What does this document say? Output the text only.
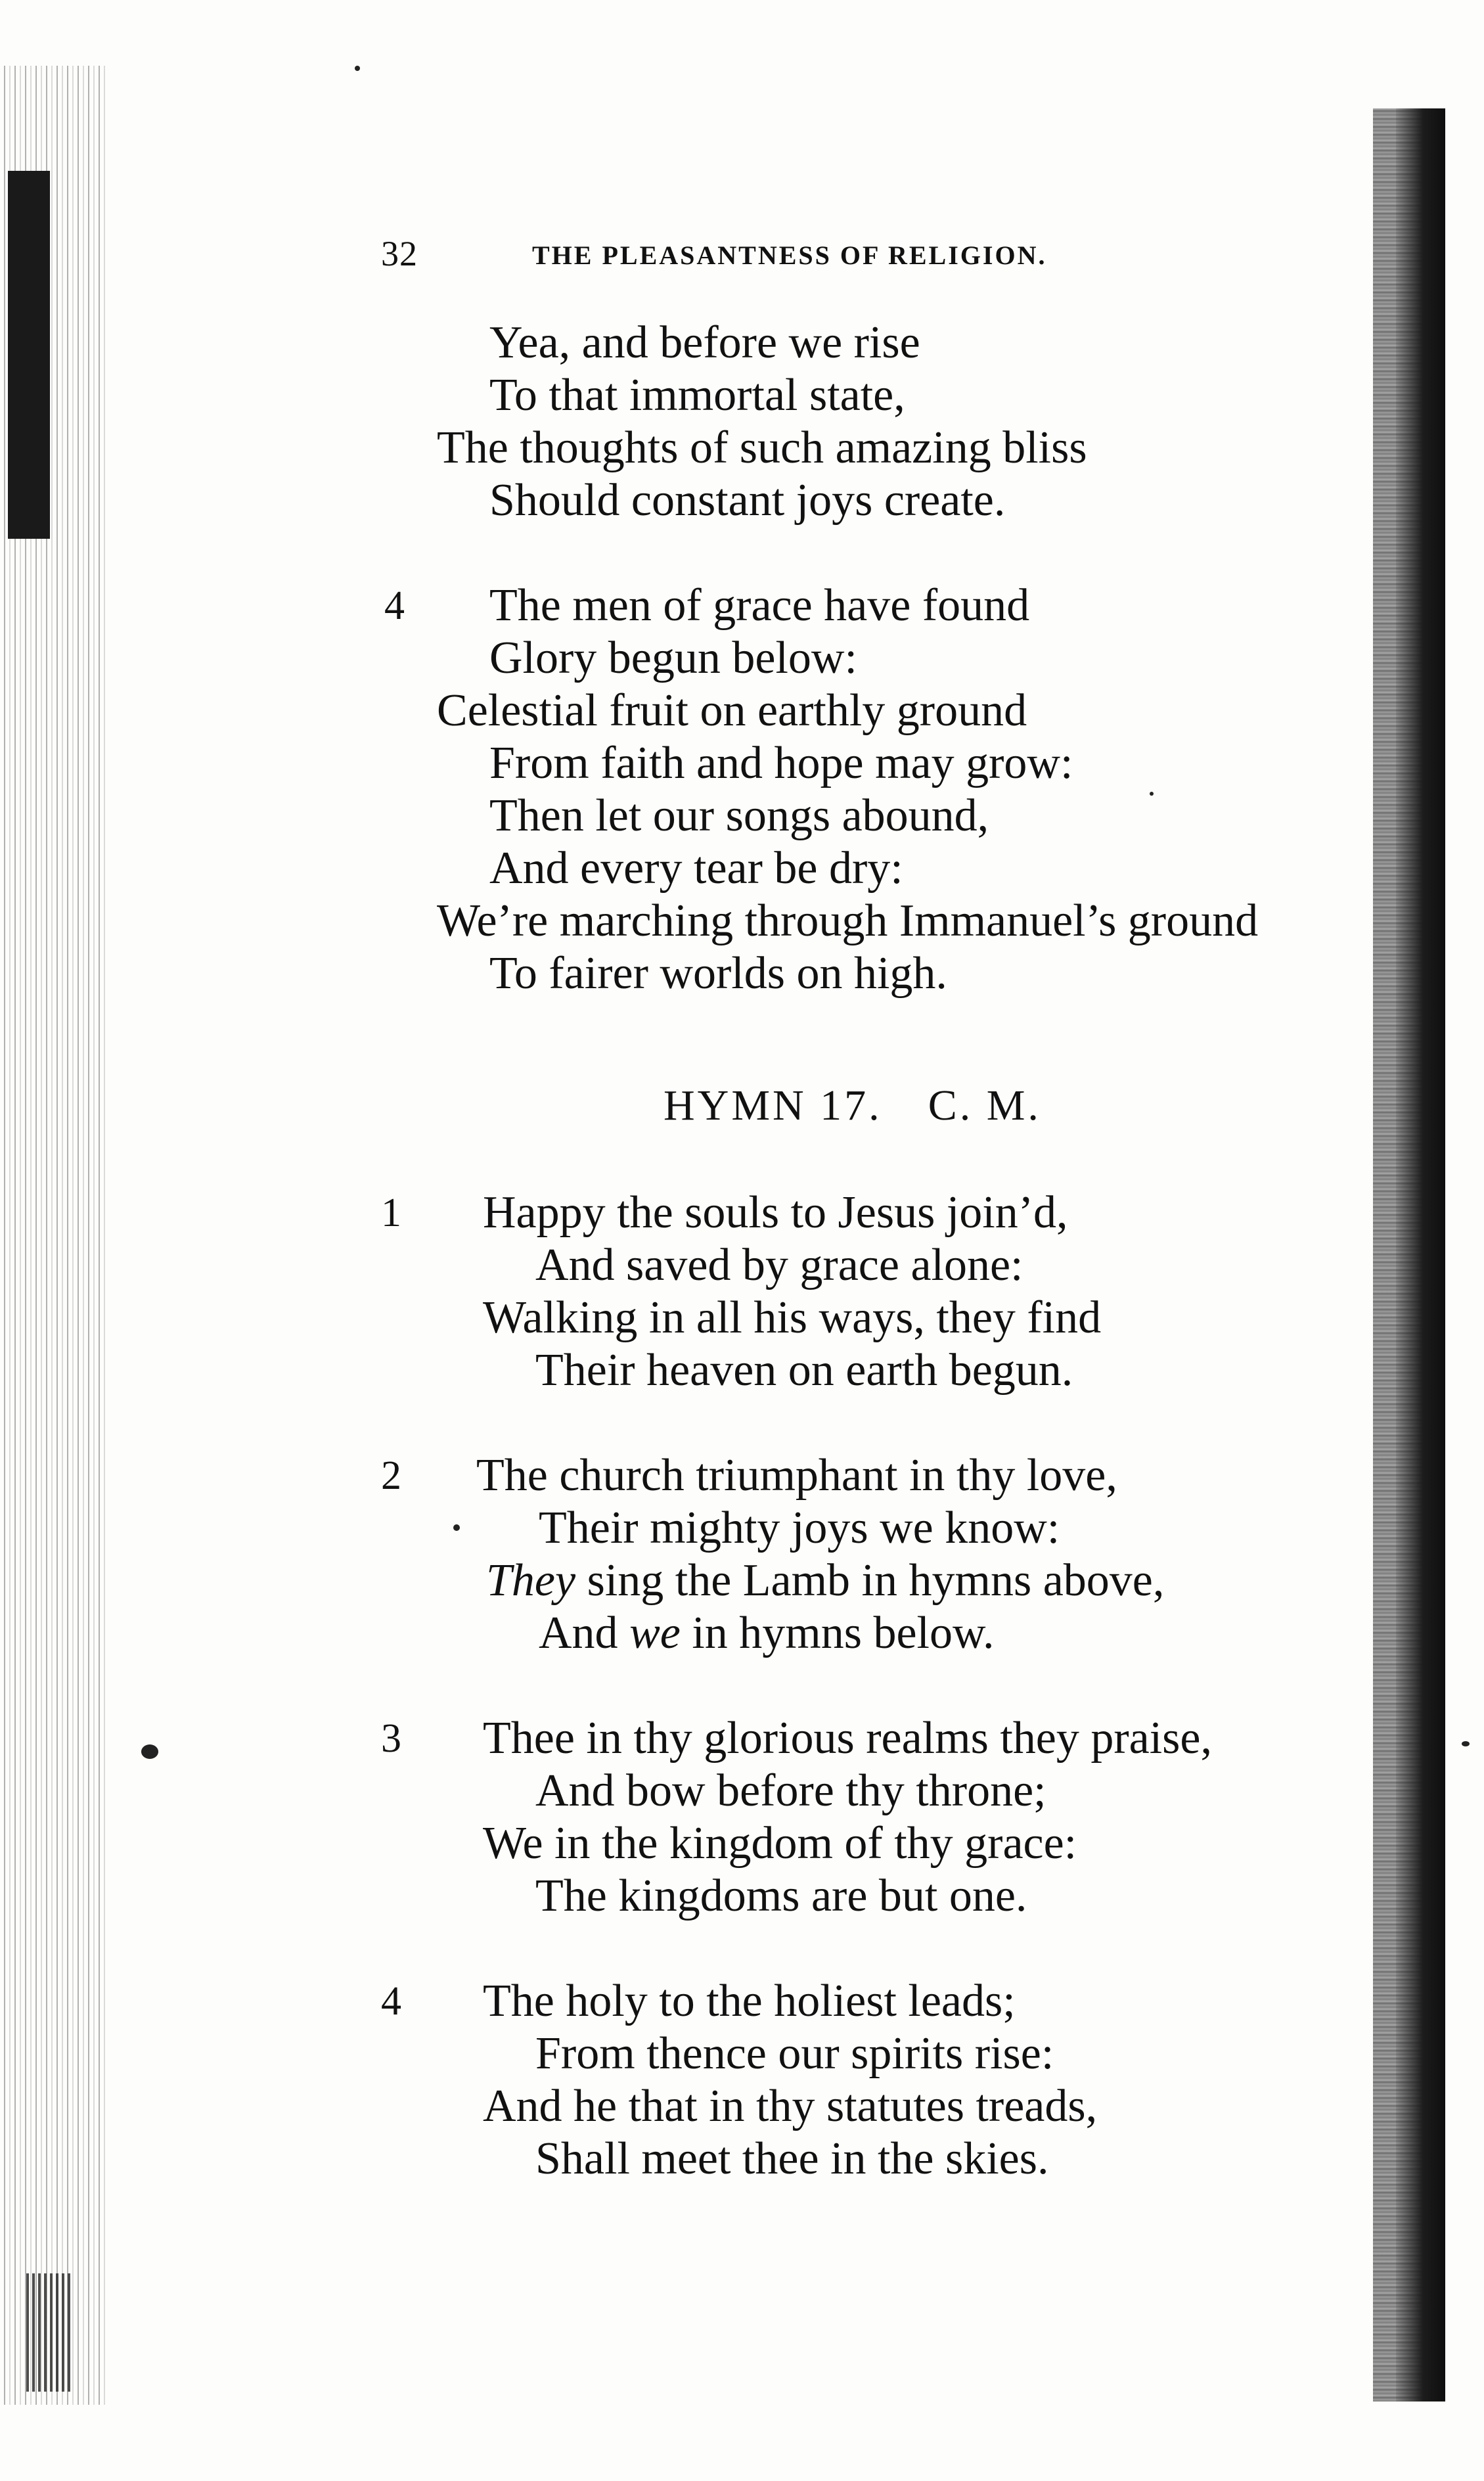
32	THE PLEASANTNESS OF RELIGION.
Yea, and before we rise
To that immortal state,
The thoughts of such amazing bliss
Should constant joys create.
4 The men of grace have found
Glory begun below:
Celestial fruit on earthly ground
From faith and hope may grow:
Then let our songs abound,
And every tear be dry:
We’re marching through Immanuel’s ground
To fairer worlds on high.
HYMN 17. C. M.
1 Happy the souls to Jesus join’d,
And saved by grace alone:
Walking in all his ways, they find
Their heaven on earth begun.
2 The church triumphant in thy love,
Their mighty joys we know:
They sing the Lamb in hymns above,
And we in hymns below.
3 Thee in thy glorious realms they praise,
And bow before thy throne;
We in the kingdom of thy grace:
The kingdoms are but one.
4 The holy to the holiest leads;
From thence our spirits rise:
And he that in thy statutes treads,
Shall meet thee in the skies.
